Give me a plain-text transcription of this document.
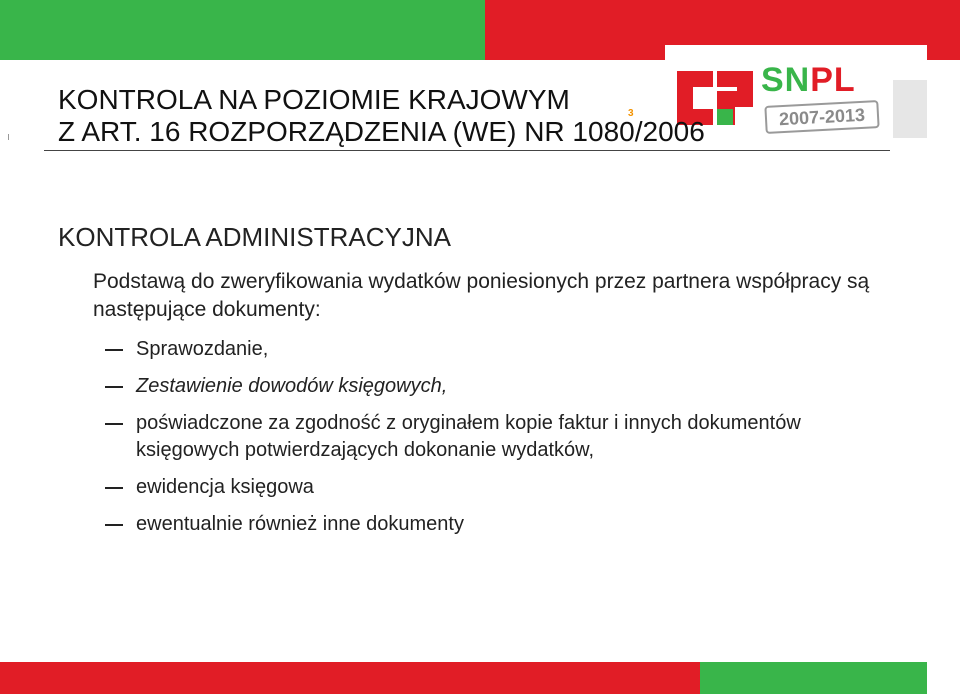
SNPL
2007-2013
3
KONTROLA NA POZIOMIE KRAJOWYM
Z ART. 16 ROZPORZĄDZENIA (WE) NR 1080/2006
KONTROLA ADMINISTRACYJNA
Podstawą do zweryfikowania wydatków poniesionych przez partnera współpracy są następujące dokumenty:
Sprawozdanie,
Zestawienie dowodów księgowych,
poświadczone za zgodność z oryginałem kopie faktur i innych dokumentów księgowych potwierdzających dokonanie wydatków,
ewidencja księgowa
ewentualnie również inne dokumenty
